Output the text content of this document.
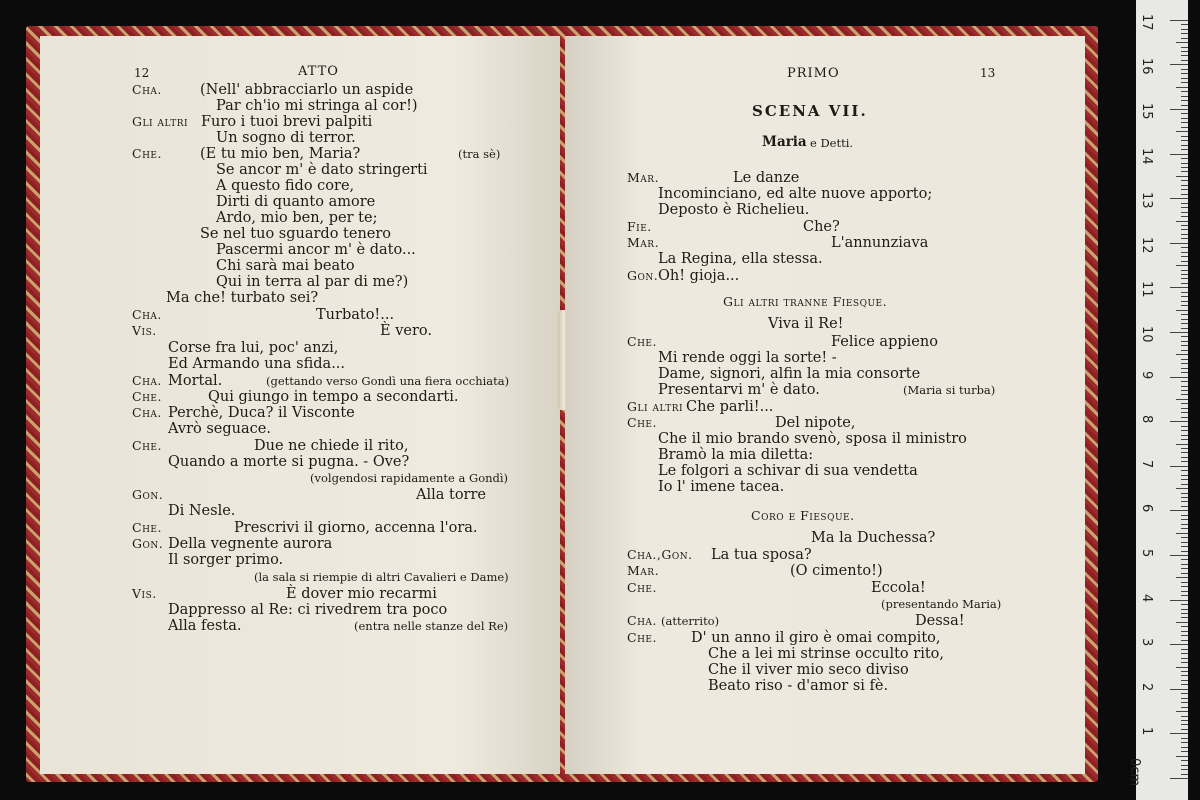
12	ATTO
Cha.	(Nell' abbracciarlo un aspide
Par ch'io mi stringa al cor!)
Gli altri Furo i tuoi brevi palpiti
Un sogno di terror.
Che.	(E tu mio ben, Maria?	(tra sè)
Se ancor m' è dato stringerti
A questo fido core,
Dirti di quanto amore
Ardo, mio ben, per te;
Se nel tuo sguardo tenero
Pascermi ancor m' è dato...
Chi sarà mai beato
Qui in terra al par di me?)
Ma che! turbato sei?
Cha.	Turbato!...
Vis.	È vero.
Corse fra lui, poc' anzi,
Ed Armando una sfida...
Cha. Mortal.	(gettando verso Gondì una fiera occhiata)
Che.	Qui giungo in tempo a secondarti.
Cha. Perchè, Duca? il Visconte
Avrò seguace.
Che.	Due ne chiede il rito,
Quando a morte si pugna. - Ove?
(volgendosi rapidamente a Gondì)
Gon.	Alla torre
Di Nesle.
Che.	Prescrivi il giorno, accenna l'ora.
Gon. Della vegnente aurora
Il sorger primo.
(la sala si riempie di altri Cavalieri e Dame)
Vis.	È dover mio recarmi
Dappresso al Re: ci rivedrem tra poco
Alla festa.	(entra nelle stanze del Re)
PRIMO	13
SCENA VII.
Maria e Detti.
Mar.	Le danze
Incominciano, ed alte nuove apporto;
Deposto è Richelieu.
Fie.	Che?
Mar.	L'annunziava
La Regina, ella stessa.
Gon. Oh! gioja...
Gli altri tranne Fiesque.
Viva il Re!
Che.	Felice appieno
Mi rende oggi la sorte! -
Dame, signori, alfin la mia consorte
Presentarvi m' è dato.	(Maria si turba)
Gli altri Che parli!...
Che.	Del nipote,
Che il mio brando svenò, sposa il ministro
Bramò la mia diletta:
Le folgori a schivar di sua vendetta
Io l' imene tacea.
Coro e Fiesque.
Ma la Duchessa?
Cha.,Gon. La tua sposa?
Mar.	(O cimento!)
Che.	Eccola!
(presentando Maria)
Cha. (atterrito)	Dessa!
Che. D' un anno il giro è omai compito,
Che a lei mi strinse occulto rito,
Che il viver mio seco diviso
Beato riso - d'amor si fè.
0cm
1
2
3
4
5
6
7
8
9
10
11
12
13
14
15
16
17
